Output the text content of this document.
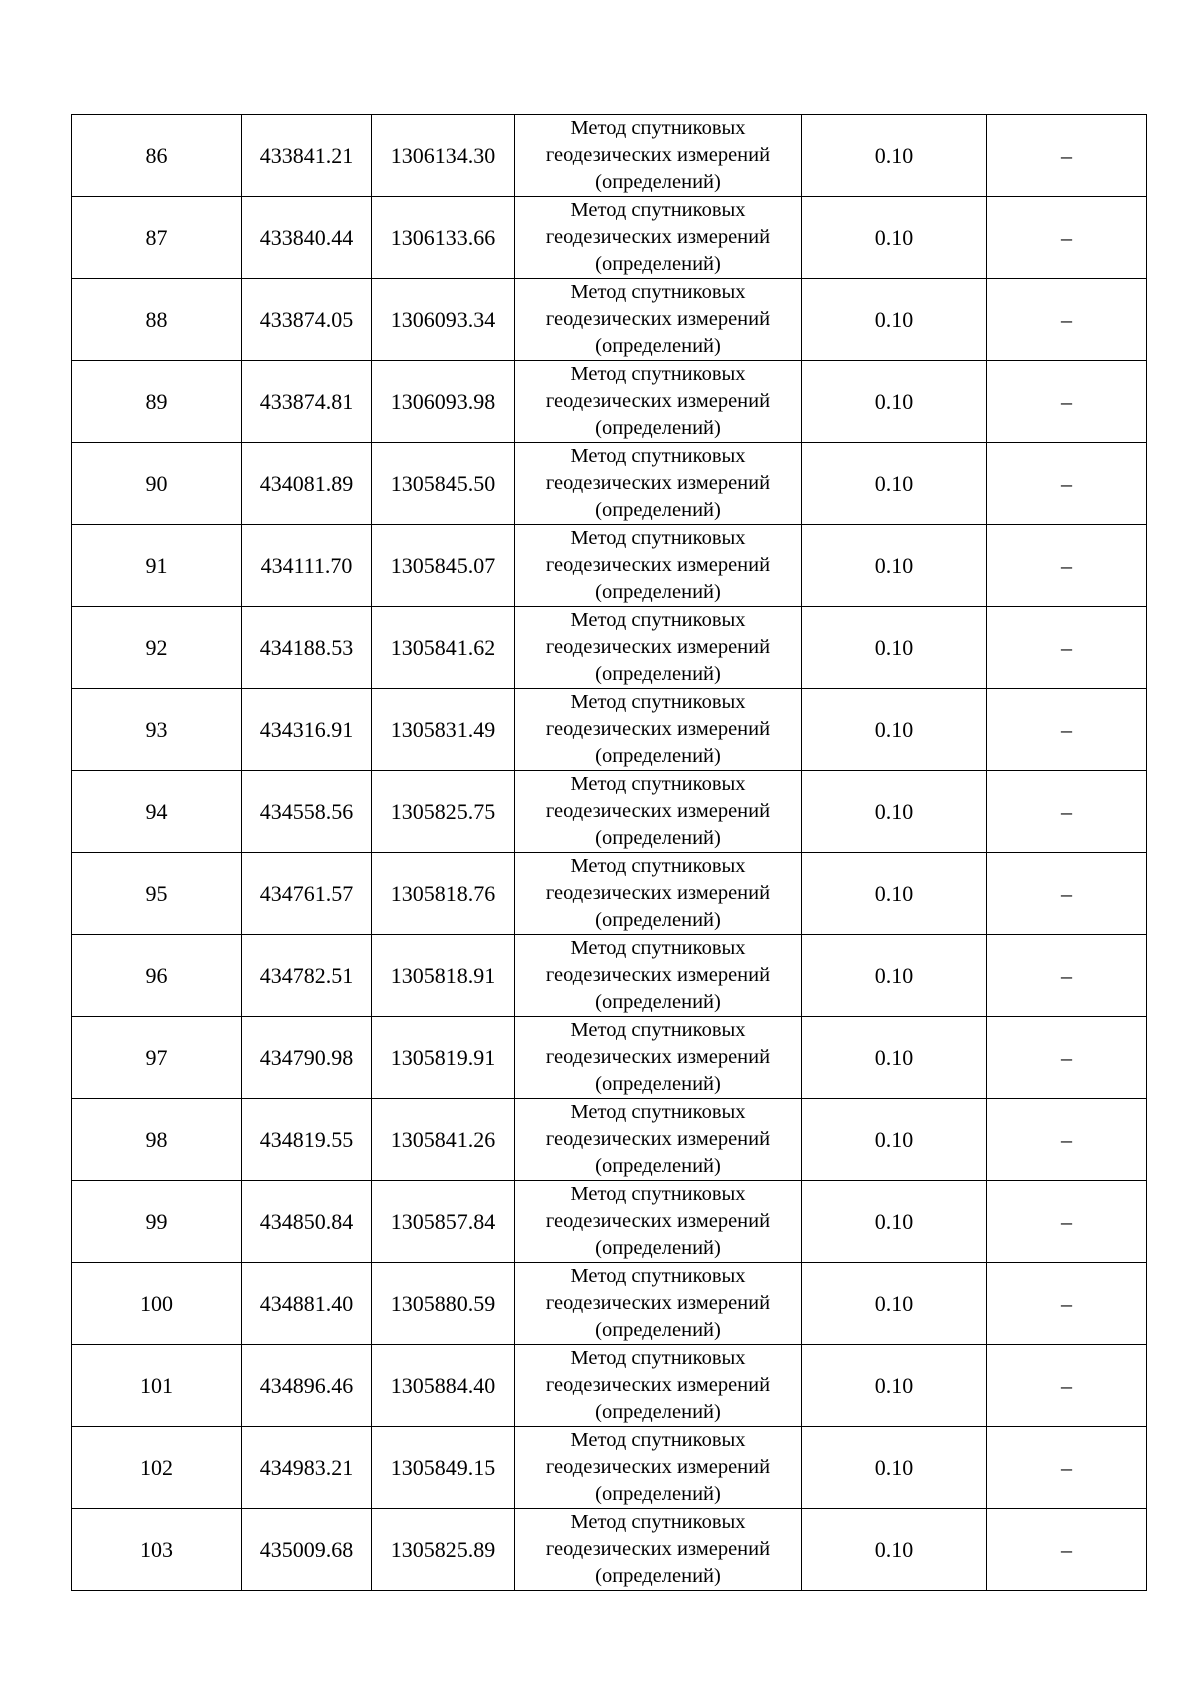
86	433841.21	1306134.30	Метод спутниковых
геодезических измерений
(определений)	0.10	–
87	433840.44	1306133.66	Метод спутниковых
геодезических измерений
(определений)	0.10	–
88	433874.05	1306093.34	Метод спутниковых
геодезических измерений
(определений)	0.10	–
89	433874.81	1306093.98	Метод спутниковых
геодезических измерений
(определений)	0.10	–
90	434081.89	1305845.50	Метод спутниковых
геодезических измерений
(определений)	0.10	–
91	434111.70	1305845.07	Метод спутниковых
геодезических измерений
(определений)	0.10	–
92	434188.53	1305841.62	Метод спутниковых
геодезических измерений
(определений)	0.10	–
93	434316.91	1305831.49	Метод спутниковых
геодезических измерений
(определений)	0.10	–
94	434558.56	1305825.75	Метод спутниковых
геодезических измерений
(определений)	0.10	–
95	434761.57	1305818.76	Метод спутниковых
геодезических измерений
(определений)	0.10	–
96	434782.51	1305818.91	Метод спутниковых
геодезических измерений
(определений)	0.10	–
97	434790.98	1305819.91	Метод спутниковых
геодезических измерений
(определений)	0.10	–
98	434819.55	1305841.26	Метод спутниковых
геодезических измерений
(определений)	0.10	–
99	434850.84	1305857.84	Метод спутниковых
геодезических измерений
(определений)	0.10	–
100	434881.40	1305880.59	Метод спутниковых
геодезических измерений
(определений)	0.10	–
101	434896.46	1305884.40	Метод спутниковых
геодезических измерений
(определений)	0.10	–
102	434983.21	1305849.15	Метод спутниковых
геодезических измерений
(определений)	0.10	–
103	435009.68	1305825.89	Метод спутниковых
геодезических измерений
(определений)	0.10	–
